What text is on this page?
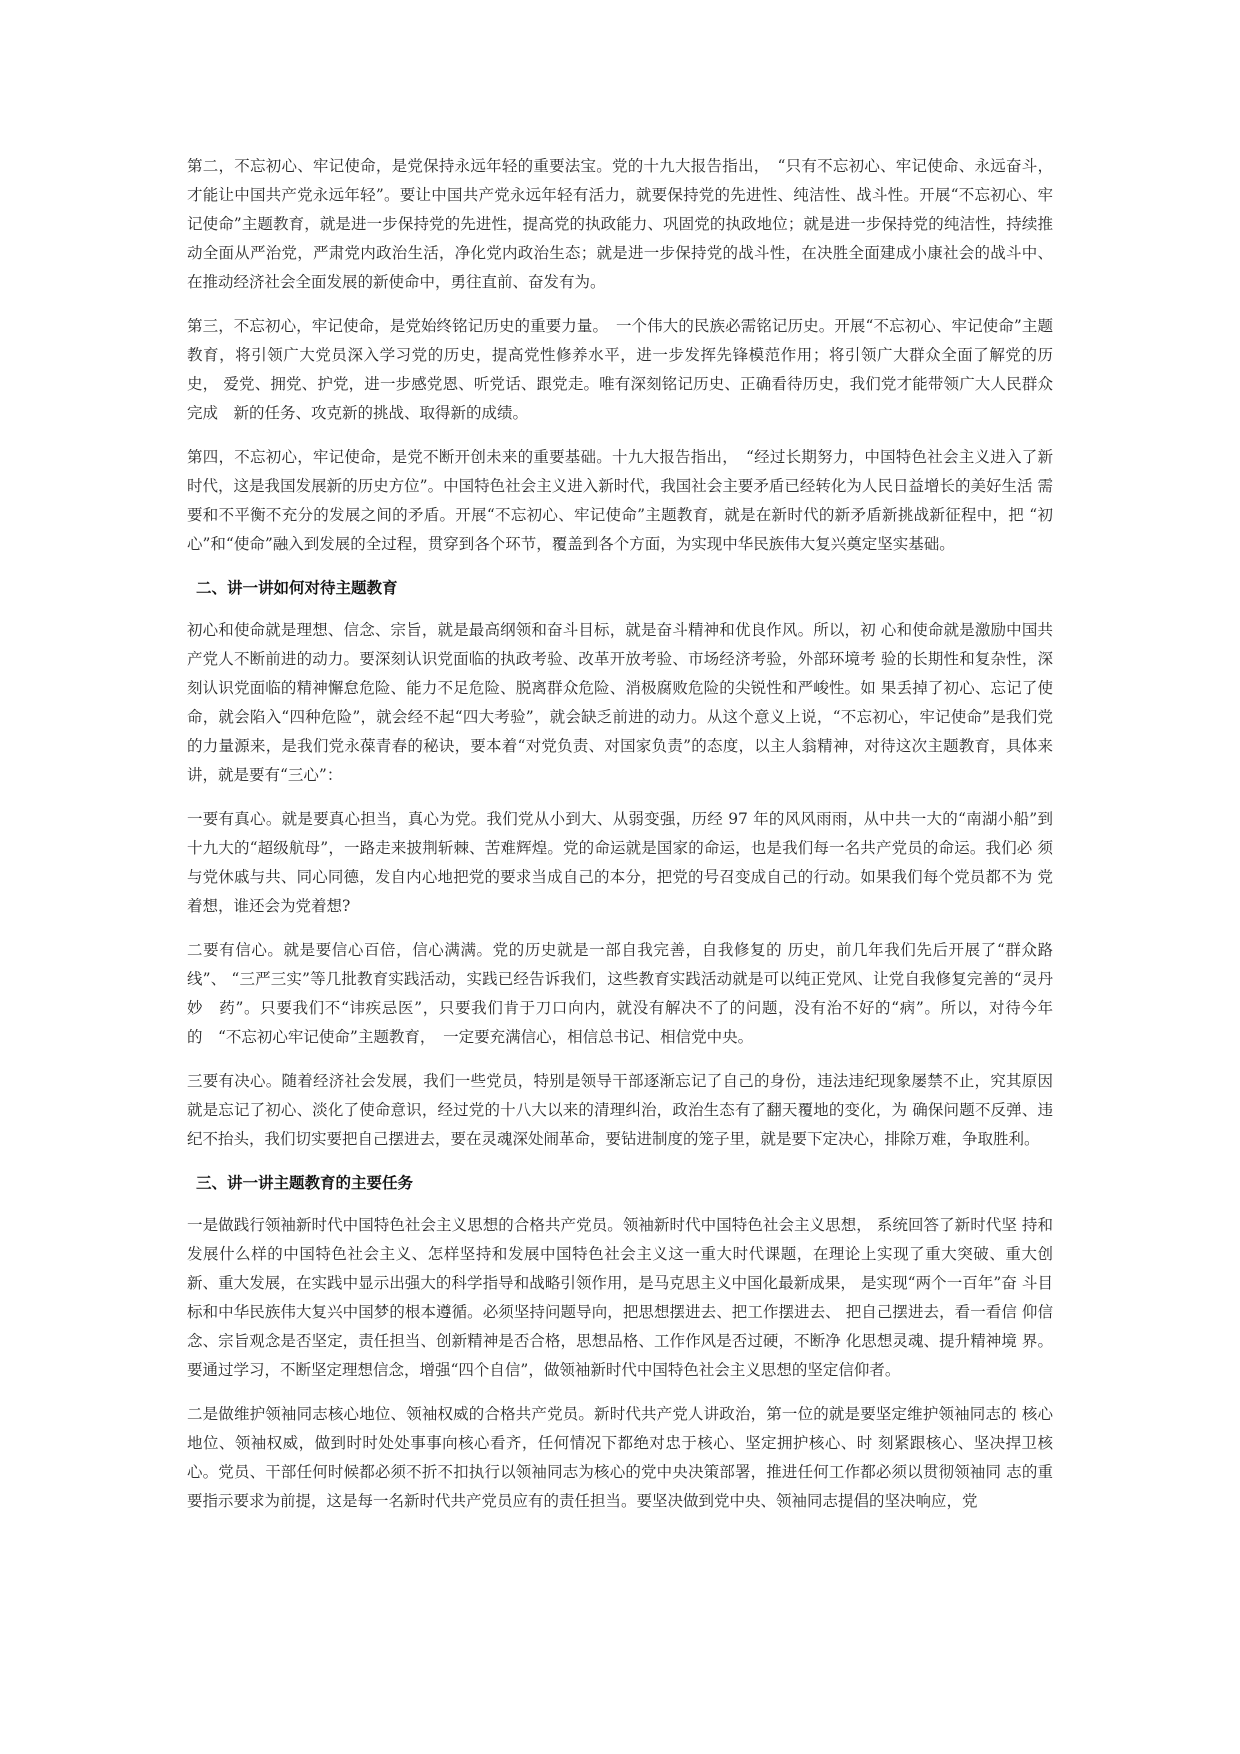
第二，不忘初心、牢记使命，是党保持永远年轻的重要法宝。党的十九大报告指出，　“只有不忘初心、牢记使命、永远奋斗，才能让中国共产党永远年轻”。要让中国共产党永远年轻有活力，就要保持党的先进性、纯洁性、战斗性。开展“不忘初心、牢记使命”主题教育，就是进一步保持党的先进性，提高党的执政能力、巩固党的执政地位；就是进一步保持党的纯洁性，持续推动全面从严治党，严肃党内政治生活，净化党内政治生态；就是进一步保持党的战斗性，在决胜全面建成小康社会的战斗中、 在推动经济社会全面发展的新使命中，勇往直前、奋发有为。

第三，不忘初心，牢记使命，是党始终铭记历史的重要力量。　一个伟大的民族必需铭记历史。开展“不忘初心、牢记使命”主题教育，将引领广大党员深入学习党的历史，提高党性修养水平，进一步发挥先锋模范作用；将引领广大群众全面了解党的历史， 爱党、拥党、护党，进一步感党恩、听党话、跟党走。唯有深刻铭记历史、正确看待历史，我们党才能带领广大人民群众完成　新的任务、攻克新的挑战、取得新的成绩。

第四，不忘初心，牢记使命，是党不断开创未来的重要基础。十九大报告指出，　“经过长期努力，中国特色社会主义进入了新 时代，这是我国发展新的历史方位”。中国特色社会主义进入新时代，我国社会主要矛盾已经转化为人民日益增长的美好生活 需要和不平衡不充分的发展之间的矛盾。开展“不忘初心、牢记使命”主题教育，就是在新时代的新矛盾新挑战新征程中，把 “初心”和“使命”融入到发展的全过程，贯穿到各个环节，覆盖到各个方面，为实现中华民族伟大复兴奠定坚实基础。

二、讲一讲如何对待主题教育

初心和使命就是理想、信念、宗旨，就是最高纲领和奋斗目标，就是奋斗精神和优良作风。所以，初 心和使命就是激励中国共产党人不断前进的动力。要深刻认识党面临的执政考验、改革开放考验、市场经济考验，外部环境考 验的长期性和复杂性，深刻认识党面临的精神懈怠危险、能力不足危险、脱离群众危险、消极腐败危险的尖锐性和严峻性。如 果丢掉了初心、忘记了使命，就会陷入“四种危险”，就会经不起“四大考验”，就会缺乏前进的动力。从这个意义上说，“不忘初心，牢记使命”是我们党的力量源来，是我们党永葆青春的秘诀，要本着“对党负责、对国家负责”的态度，以主人翁精神，对待这次主题教育，具体来讲，就是要有“三心”：

一要有真心。就是要真心担当，真心为党。我们党从小到大、从弱变强，历经 97 年的风风雨雨，从中共一大的“南湖小船”到 十九大的“超级航母”，一路走来披荆斩棘、苦难辉煌。党的命运就是国家的命运，也是我们每一名共产党员的命运。我们必 须与党休戚与共、同心同德，发自内心地把党的要求当成自己的本分，把党的号召变成自己的行动。如果我们每个党员都不为 党着想，谁还会为党着想?

二要有信心。就是要信心百倍，信心满满。党的历史就是一部自我完善，自我修复的 历史，前几年我们先后开展了“群众路线”、 “三严三实”等几批教育实践活动，实践已经告诉我们，这些教育实践活动就是可以纯正党风、让党自我修复完善的“灵丹妙　药”。只要我们不“讳疾忌医”，只要我们肯于刀口向内，就没有解决不了的问题，没有治不好的“病”。所以，对待今年的　“不忘初心牢记使命”主题教育，　一定要充满信心，相信总书记、相信党中央。

三要有决心。随着经济社会发展，我们一些党员，特别是领导干部逐渐忘记了自己的身份，违法违纪现象屡禁不止，究其原因就是忘记了初心、淡化了使命意识，经过党的十八大以来的清理纠治，政治生态有了翻天覆地的变化，为 确保问题不反弹、违 纪不抬头，我们切实要把自己摆进去，要在灵魂深处闹革命，要钻进制度的笼子里，就是要下定决心，排除万难，争取胜利。

三、讲一讲主题教育的主要任务

一是做践行领袖新时代中国特色社会主义思想的合格共产党员。领袖新时代中国特色社会主义思想， 系统回答了新时代坚 持和发展什么样的中国特色社会主义、怎样坚持和发展中国特色社会主义这一重大时代课题，在理论上实现了重大突破、重大创新、重大发展，在实践中显示出强大的科学指导和战略引领作用，是马克思主义中国化最新成果， 是实现“两个一百年”奋 斗目标和中华民族伟大复兴中国梦的根本遵循。必须坚持问题导向，把思想摆进去、把工作摆进去、 把自己摆进去，看一看信 仰信念、宗旨观念是否坚定，责任担当、创新精神是否合格，思想品格、工作作风是否过硬，不断净 化思想灵魂、提升精神境 界。要通过学习，不断坚定理想信念，增强“四个自信”，做领袖新时代中国特色社会主义思想的坚定信仰者。

二是做维护领袖同志核心地位、领袖权威的合格共产党员。新时代共产党人讲政治，第一位的就是要坚定维护领袖同志的 核心地位、领袖权威，做到时时处处事事向核心看齐，任何情况下都绝对忠于核心、坚定拥护核心、时 刻紧跟核心、坚决捍卫核心。党员、干部任何时候都必须不折不扣执行以领袖同志为核心的党中央决策部署，推进任何工作都必须以贯彻领袖同 志的重要指示要求为前提，这是每一名新时代共产党员应有的责任担当。要坚决做到党中央、领袖同志提倡的坚决响应，党
